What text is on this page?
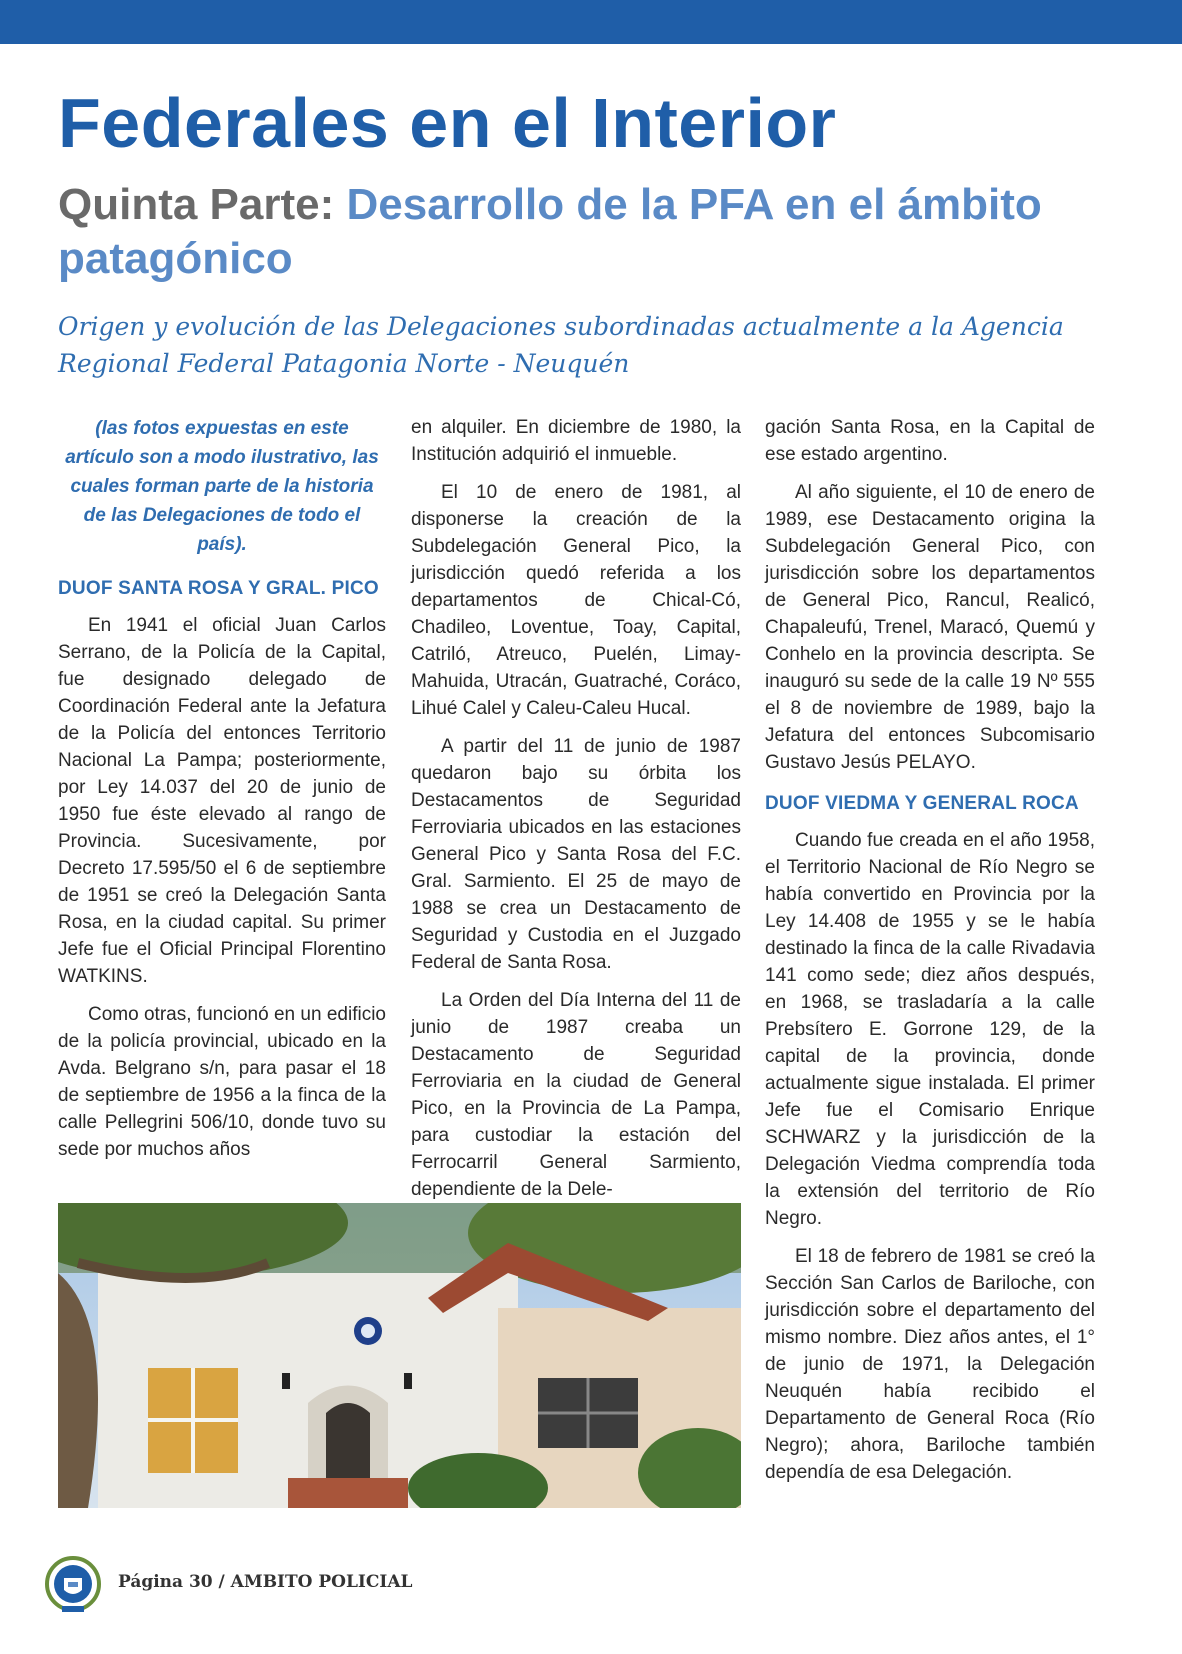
Federales en el Interior
Quinta Parte: Desarrollo de la PFA en el ámbito patagónico

Origen y evolución de las Delegaciones subordinadas actualmente a la Agencia Regional Federal Patagonia Norte - Neuquén

(las fotos expuestas en este artículo son a modo ilustrativo, las cuales forman parte de la historia de las Delegaciones de todo el país).

DUOF SANTA ROSA Y GRAL. PICO

En 1941 el oficial Juan Carlos Serrano, de la Policía de la Capital, fue designado delegado de Coordinación Federal ante la Jefatura de la Policía del entonces Territorio Nacional La Pampa; posteriormente, por Ley 14.037 del 20 de junio de 1950 fue éste elevado al rango de Provincia. Sucesivamente, por Decreto 17.595/50 el 6 de septiembre de 1951 se creó la Delegación Santa Rosa, en la ciudad capital. Su primer Jefe fue el Oficial Principal Florentino WATKINS.

Como otras, funcionó en un edificio de la policía provincial, ubicado en la Avda. Belgrano s/n, para pasar el 18 de septiembre de 1956 a la finca de la calle Pellegrini 506/10, donde tuvo su sede por muchos años

en alquiler. En diciembre de 1980, la Institución adquirió el inmueble.

El 10 de enero de 1981, al disponerse la creación de la Subdelegación General Pico, la jurisdicción quedó referida a los departamentos de Chical-Có, Chadileo, Loventue, Toay, Capital, Catriló, Atreuco, Puelén, Limay-Mahuida, Utracán, Guatraché, Coráco, Lihué Calel y Caleu-Caleu Hucal.

A partir del 11 de junio de 1987 quedaron bajo su órbita los Destacamentos de Seguridad Ferroviaria ubicados en las estaciones General Pico y Santa Rosa del F.C. Gral. Sarmiento. El 25 de mayo de 1988 se crea un Destacamento de Seguridad y Custodia en el Juzgado Federal de Santa Rosa.

La Orden del Día Interna del 11 de junio de 1987 creaba un Destacamento de Seguridad Ferroviaria en la ciudad de General Pico, en la Provincia de La Pampa, para custodiar la estación del Ferrocarril General Sarmiento, dependiente de la Dele-

gación Santa Rosa, en la Capital de ese estado argentino.

Al año siguiente, el 10 de enero de 1989, ese Destacamento origina la Subdelegación General Pico, con jurisdicción sobre los departamentos de General Pico, Rancul, Realicó, Chapaleufú, Trenel, Maracó, Quemú y Conhelo en la provincia descripta. Se inauguró su sede de la calle 19 Nº 555 el 8 de noviembre de 1989, bajo la Jefatura del entonces Subcomisario Gustavo Jesús PELAYO.

DUOF VIEDMA Y GENERAL ROCA

Cuando fue creada en el año 1958, el Territorio Nacional de Río Negro se había convertido en Provincia por la Ley 14.408 de 1955 y se le había destinado la finca de la calle Rivadavia 141 como sede; diez años después, en 1968, se trasladaría a la calle Prebsítero E. Gorrone 129, de la capital de la provincia, donde actualmente sigue instalada. El primer Jefe fue el Comisario Enrique SCHWARZ y la jurisdicción de la Delegación Viedma comprendía toda la extensión del territorio de Río Negro.

El 18 de febrero de 1981 se creó la Sección San Carlos de Bariloche, con jurisdicción sobre el departamento del mismo nombre. Diez años antes, el 1° de junio de 1971, la Delegación Neuquén había recibido el Departamento de General Roca (Río Negro); ahora, Bariloche también dependía de esa Delegación.

Página 30 / AMBITO POLICIAL
